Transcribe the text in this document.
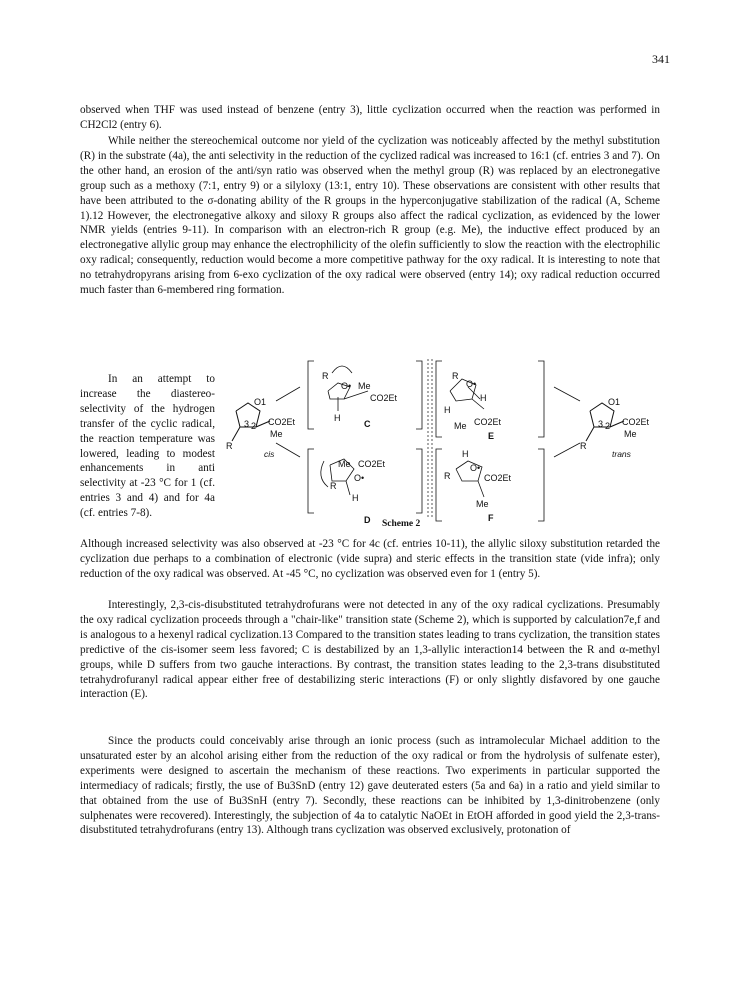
341

observed when THF was used instead of benzene (entry 3), little cyclization occurred when the reaction was performed in CH2Cl2 (entry 6).

While neither the stereochemical outcome nor yield of the cyclization was noticeably affected by the methyl substitution (R) in the substrate (4a), the anti selectivity in the reduction of the cyclized radical was increased to 16:1 (cf. entries 3 and 7). On the other hand, an erosion of the anti/syn ratio was observed when the methyl group (R) was replaced by an electronegative group such as a methoxy (7:1, entry 9) or a silyloxy (13:1, entry 10). These observations are consistent with other results that have been attributed to the σ-donating ability of the R groups in the hyperconjugative stabilization of the radical (A, Scheme 1).12 However, the electronegative alkoxy and siloxy R groups also affect the radical cyclization, as evidenced by the lower NMR yields (entries 9-11). In comparison with an electron-rich R group (e.g. Me), the inductive effect produced by an electronegative allylic group may enhance the electrophilicity of the olefin sufficiently to slow the reaction with the electrophilic oxy radical; consequently, reduction would become a more competitive pathway for the oxy radical. It is interesting to note that no tetrahydropyrans arising from 6-exo cyclization of the oxy radical were observed (entry 14); oxy radical reduction occurred much faster than 6-membered ring formation.

In an attempt to increase the diastereo-selectivity of the hydrogen transfer of the cyclic radical, the reaction temperature was lowered, leading to modest enhancements in anti selectivity at -23 °C for 1 (cf. entries 3 and 4) and for 4a (cf. entries 7-8).

Although increased selectivity was also observed at -23 °C for 4c (cf. entries 10-11), the allylic siloxy substitution retarded the cyclization due perhaps to a combination of electronic (vide supra) and steric effects in the transition state (vide infra); only reduction of the oxy radical was observed. At -45 °C, no cyclization was observed even for 1 (entry 5).

Interestingly, 2,3-cis-disubstituted tetrahydrofurans were not detected in any of the oxy radical cyclizations. Presumably the oxy radical cyclization proceeds through a "chair-like" transition state (Scheme 2), which is supported by calculation7e,f and is analogous to a hexenyl radical cyclization.13 Compared to the transition states leading to trans cyclization, the transition states predictive of the cis-isomer seem less favored; C is destabilized by an 1,3-allylic interaction14 between the R and α-methyl groups, while D suffers from two gauche interactions. By contrast, the transition states leading to the 2,3-trans disubstituted tetrahydrofuranyl radical appear either free of destabilizing steric interactions (F) or only slightly disfavored by one gauche interaction (E).

Since the products could conceivably arise through an ionic process (such as intramolecular Michael addition to the unsaturated ester by an alcohol arising either from the reduction of the oxy radical or from the hydrolysis of sulfenate ester), experiments were designed to ascertain the mechanism of these reactions. Two experiments in particular supported the intermediacy of radicals; firstly, the use of Bu3SnD (entry 12) gave deuterated esters (5a and 6a) in a ratio and yield similar to that obtained from the use of Bu3SnH (entry 7). Secondly, these reactions can be inhibited by 1,3-dinitrobenzene (only sulphenates were recovered). Interestingly, the subjection of 4a to catalytic NaOEt in EtOH afforded in good yield the 2,3-trans-disubstituted tetrahydrofurans (entry 13). Although trans cyclization was observed exclusively, protonation of

O1
3 2 CO2Et
Me
R
cis
R
O• Me
CO2Et
H
C
Me CO2Et
O•
R
H
D
R
O•
H
H
Me CO2Et
E
H
O•
R	CO2Et
Me
F
O1
3 2 CO2Et
Me
R
trans
Scheme 2
